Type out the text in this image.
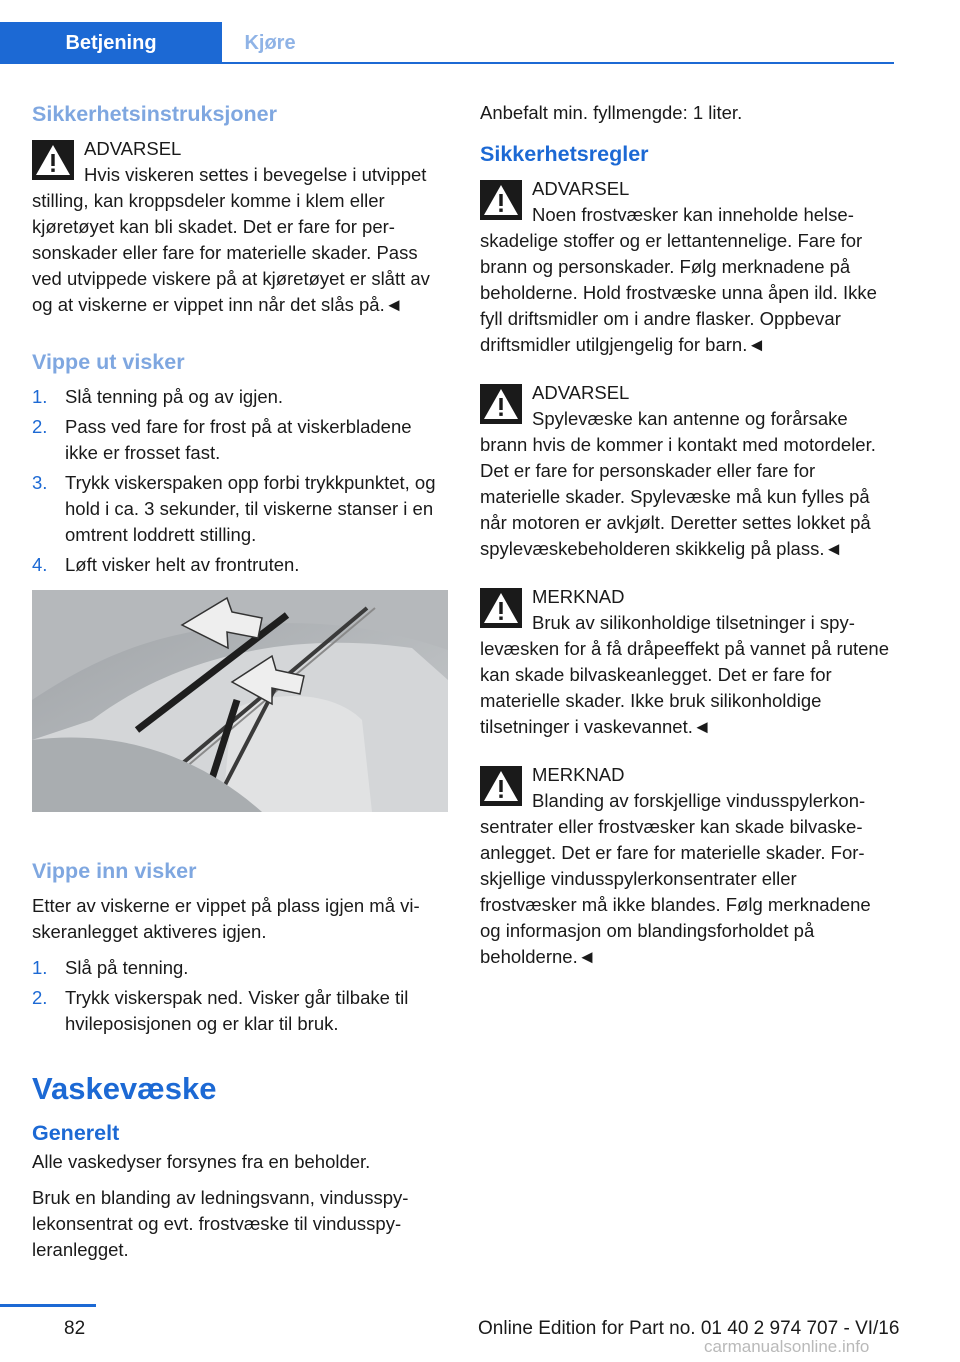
Betjening	Kjøre
Sikkerhetsinstruksjoner
ADVARSEL
Hvis viskeren settes i bevegelse i utvippet stilling, kan kroppsdeler komme i klem eller kjøretøyet kan bli skadet. Det er fare for personskader eller fare for materielle skader. Pass ved utvippede viskere på at kjøretøyet er slått av og at viskerne er vippet inn når det slås på.◄
Vippe ut visker
1. Slå tenning på og av igjen.
2. Pass ved fare for frost på at viskerbladene ikke er frosset fast.
3. Trykk viskerspaken opp forbi trykkpunktet, og hold i ca. 3 sekunder, til viskerne stanser i en omtrent loddrett stilling.
4. Løft visker helt av frontruten.
Vippe inn visker

Etter av viskerne er vippet på plass igjen må viskeranlegget aktiveres igjen.

1. Slå på tenning.
2. Trykk viskerspak ned. Visker går tilbake til hvileposisjonen og er klar til bruk.
Vaskevæske
Generelt

Alle vaskedyser forsynes fra en beholder.

Bruk en blanding av ledningsvann, vindusspylekonsentrat og evt. frostvæske til vindusspyleranlegget.

Anbefalt min. fyllmengde: 1 liter.

Sikkerhetsregler
ADVARSEL
Noen frostvæsker kan inneholde helseskadelige stoffer og er lettantennelige. Fare for brann og personskader. Følg merknadene på beholderne. Hold frostvæske unna åpen ild. Ikke fyll driftsmidler om i andre flasker. Oppbevar driftsmidler utilgjengelig for barn.◄
ADVARSEL
Spylevæske kan antenne og forårsake brann hvis de kommer i kontakt med motordeler. Det er fare for personskader eller fare for materielle skader. Spylevæske må kun fylles på når motoren er avkjølt. Deretter settes lokket på spylevæskebeholderen skikkelig på plass.◄
MERKNAD
Bruk av silikonholdige tilsetninger i spylevæsken for å få dråpeeffekt på vannet på rutene kan skade bilvaskeanlegget. Det er fare for materielle skader. Ikke bruk silikonholdige tilsetninger i vaskevannet.◄
MERKNAD
Blanding av forskjellige vindusspylerkonsentrater eller frostvæsker kan skade bilvaskeanlegget. Det er fare for materielle skader. Forskjellige vindusspylerkonsentrater eller frostvæsker må ikke blandes. Følg merknadene og informasjon om blandingsforholdet på beholderne.◄
82	Online Edition for Part no. 01 40 2 974 707 - VI/16
carmanualsonline.info
